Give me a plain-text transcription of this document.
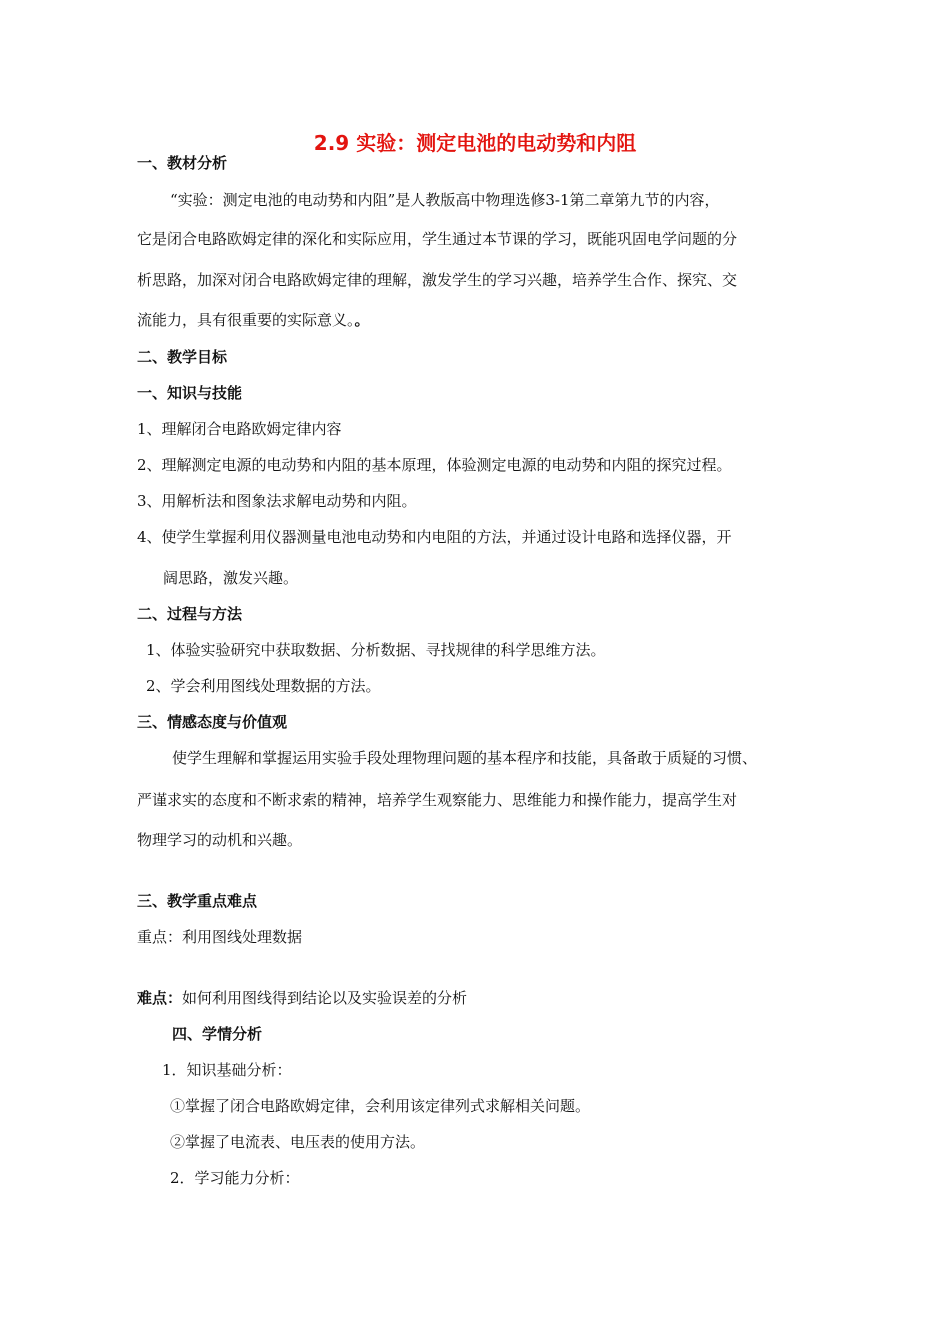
2.9 实验：测定电池的电动势和内阻
一、教材分析
“实验：测定电池的电动势和内阻”是人教版高中物理选修3-1第二章第九节的内容，
它是闭合电路欧姆定律的深化和实际应用，学生通过本节课的学习，既能巩固电学问题的分
析思路，加深对闭合电路欧姆定律的理解，激发学生的学习兴趣，培养学生合作、探究、交
流能力，具有很重要的实际意义。。
二、教学目标
一、知识与技能
1、理解闭合电路欧姆定律内容
2、理解测定电源的电动势和内阻的基本原理，体验测定电源的电动势和内阻的探究过程。
3、用解析法和图象法求解电动势和内阻。
4、使学生掌握利用仪器测量电池电动势和内电阻的方法，并通过设计电路和选择仪器，开
阔思路，激发兴趣。
二、过程与方法
1、体验实验研究中获取数据、分析数据、寻找规律的科学思维方法。
2、学会利用图线处理数据的方法。
三、情感态度与价值观
使学生理解和掌握运用实验手段处理物理问题的基本程序和技能，具备敢于质疑的习惯、
严谨求实的态度和不断求索的精神，培养学生观察能力、思维能力和操作能力，提高学生对
物理学习的动机和兴趣。
三、教学重点难点
重点：利用图线处理数据
难点：如何利用图线得到结论以及实验误差的分析
四、学情分析
1．知识基础分析：
①掌握了闭合电路欧姆定律，会利用该定律列式求解相关问题。
②掌握了电流表、电压表的使用方法。
2．学习能力分析：
